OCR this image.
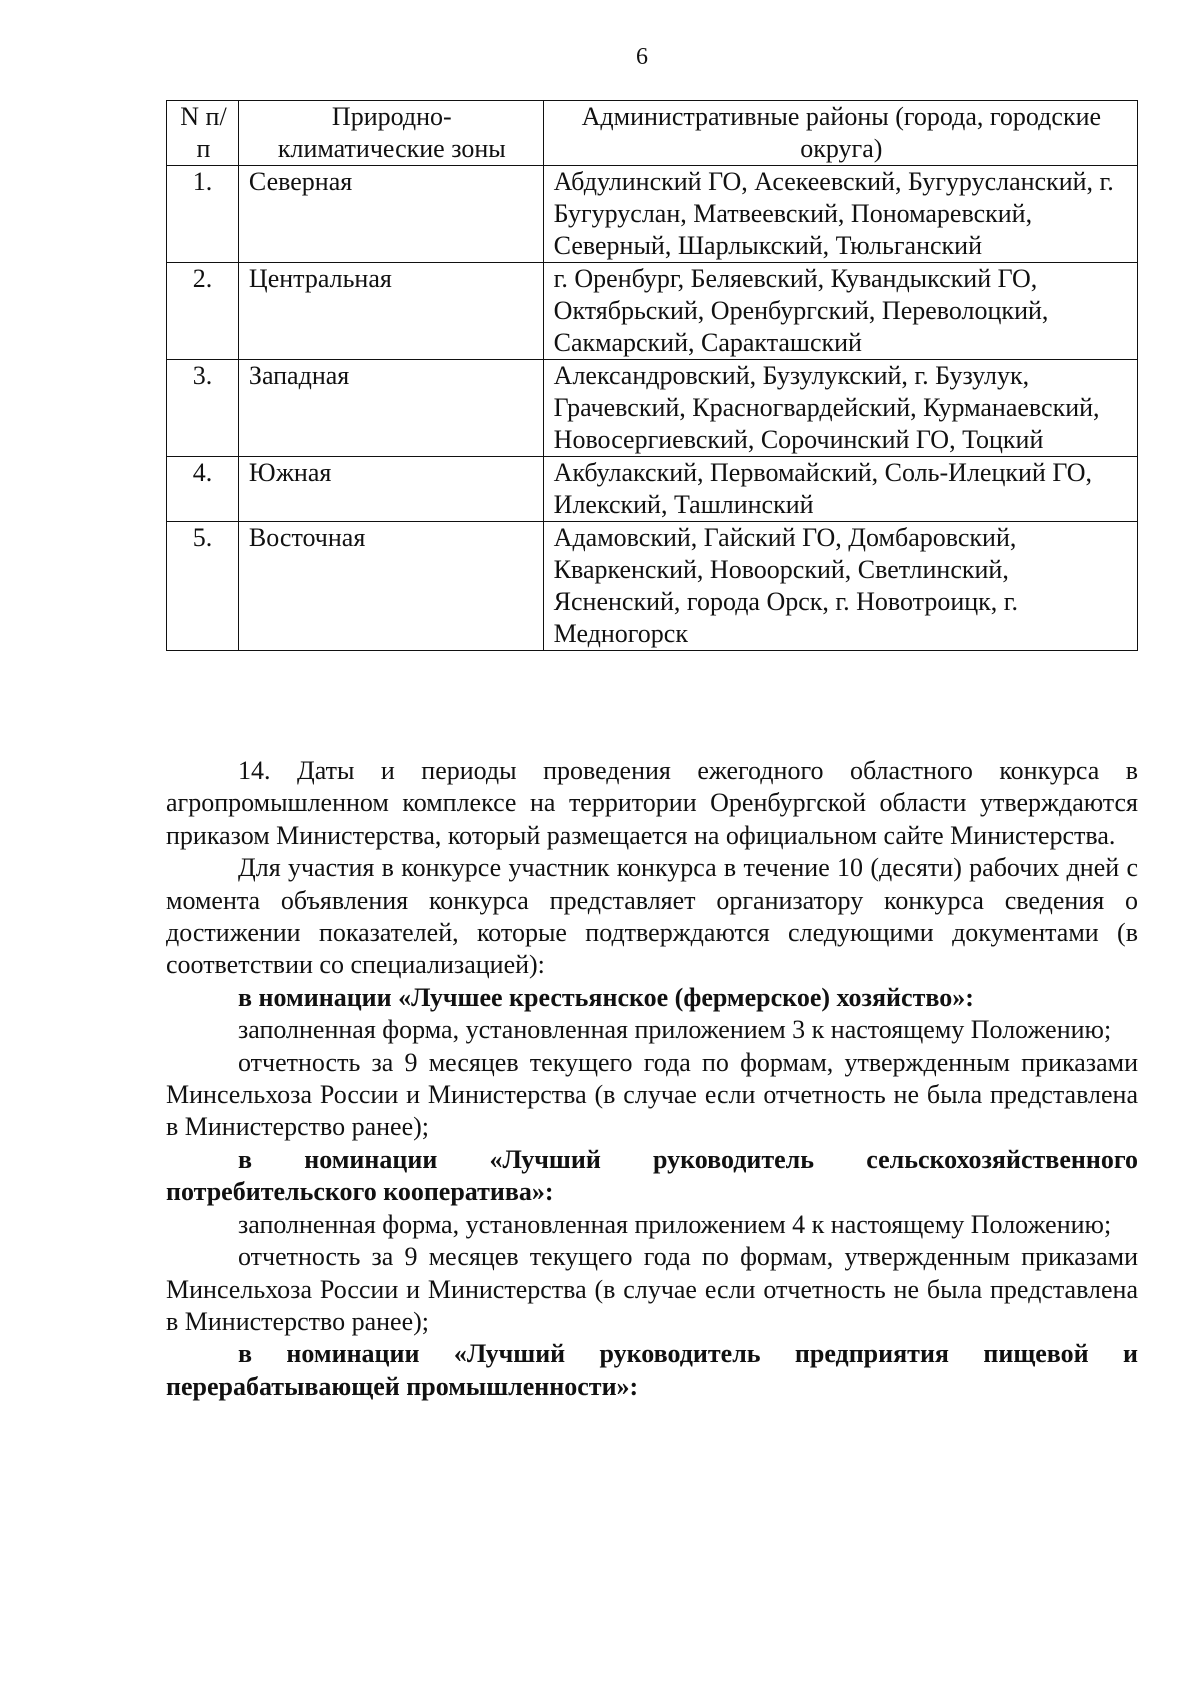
6
N п/п	Природно-климатические зоны	Административные районы (города, городские округа)
1.	Северная	Абдулинский ГО, Асекеевский, Бугурусланский, г. Бугуруслан, Матвеевский, Пономаревский, Северный, Шарлыкский, Тюльганский
2.	Центральная	г. Оренбург, Беляевский, Кувандыкский ГО, Октябрьский, Оренбургский, Переволоцкий, Сакмарский, Саракташский
3.	Западная	Александровский, Бузулукский, г. Бузулук, Грачевский, Красногвардейский, Курманаевский, Новосергиевский, Сорочинский ГО, Тоцкий
4.	Южная	Акбулакский, Первомайский, Соль-Илецкий ГО, Илекский, Ташлинский
5.	Восточная	Адамовский, Гайский ГО, Домбаровский, Кваркенский, Новоорский, Светлинский, Ясненский, города Орск, г. Новотроицк, г. Медногорск

14. Даты и периоды проведения ежегодного областного конкурса в агропромышленном комплексе на территории Оренбургской области утверждаются приказом Министерства, который размещается на официальном сайте Министерства.

Для участия в конкурсе участник конкурса в течение 10 (десяти) рабочих дней с момента объявления конкурса представляет организатору конкурса сведения о достижении показателей, которые подтверждаются следующими документами (в соответствии со специализацией):

в номинации «Лучшее крестьянское (фермерское) хозяйство»:

заполненная форма, установленная приложением 3 к настоящему Положению;

отчетность за 9 месяцев текущего года по формам, утвержденным приказами Минсельхоза России и Министерства (в случае если отчетность не была представлена в Министерство ранее);

в номинации «Лучший руководитель сельскохозяйственного потребительского кооператива»:

заполненная форма, установленная приложением 4 к настоящему Положению;

отчетность за 9 месяцев текущего года по формам, утвержденным приказами Минсельхоза России и Министерства (в случае если отчетность не была представлена в Министерство ранее);

в номинации «Лучший руководитель предприятия пищевой и перерабатывающей промышленности»:
